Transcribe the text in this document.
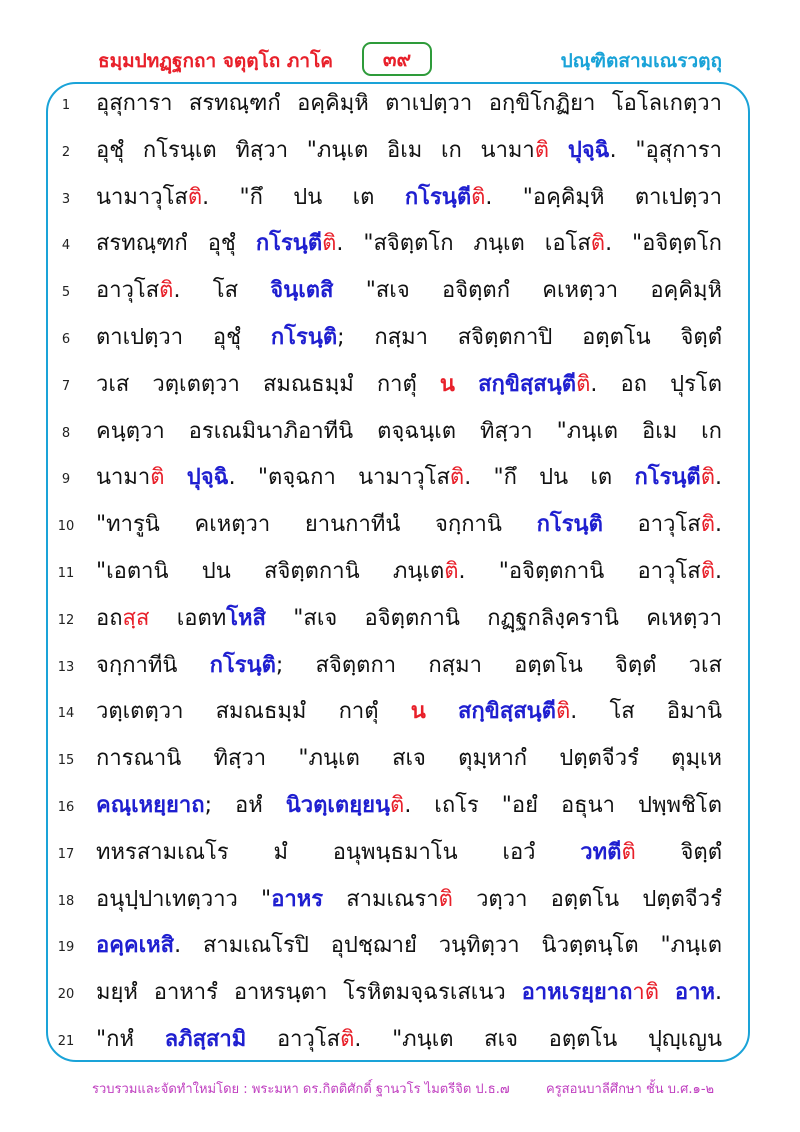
ธมฺมปทฏฺฐกถา จตุตฺโถ ภาโค	๓๙	ปณฺฑิตสามเณรวตฺถุ
1	อุสุการา สรทณฺฑกํ อคฺคิมฺหิ ตาเปตฺวา อกฺขิโกฏิยา โอโลเกตฺวา
2	อุชุํ กโรนฺเต ทิสฺวา "ภนฺเต อิเม เก นามาติ ปุจฺฉิ. "อุสุการา
3	นามาวุโสติ. "กึ ปน เต กโรนฺตีติ. "อคฺคิมฺหิ ตาเปตฺวา
4	สรทณฺฑกํ อุชุํ กโรนฺตีติ. "สจิตฺตโก ภนฺเต เอโสติ. "อจิตฺตโก
5	อาวุโสติ. โส จินฺเตสิ "สเจ อจิตฺตกํ คเหตฺวา อคฺคิมฺหิ
6	ตาเปตฺวา อุชุํ กโรนฺติ; กสฺมา สจิตฺตกาปิ อตฺตโน จิตฺตํ
7	วเส วตฺเตตฺวา สมณธมฺมํ กาตุํ น สกฺขิสฺสนฺตีติ. อถ ปุรโต
8	คนฺตฺวา อรเณมินาภิอาทีนิ ตจฺฉนฺเต ทิสฺวา "ภนฺเต อิเม เก
9	นามาติ ปุจฺฉิ. "ตจฺฉกา นามาวุโสติ. "กึ ปน เต กโรนฺตีติ.
10 "ทารูนิ คเหตฺวา ยานกาทีนํ จกฺกานิ กโรนฺติ อาวุโสติ.
11 "เอตานิ ปน สจิตฺตกานิ ภนฺเตติ. "อจิตฺตกานิ อาวุโสติ.
12 อถสฺส เอตทโหสิ "สเจ อจิตฺตกานิ กฏฺฐกลิงฺครานิ คเหตฺวา
13 จกฺกาทีนิ กโรนฺติ; สจิตฺตกา กสฺมา อตฺตโน จิตฺตํ วเส
14 วตฺเตตฺวา สมณธมฺมํ กาตุํ น สกฺขิสฺสนฺตีติ. โส อิมานิ
15 การณานิ ทิสฺวา "ภนฺเต สเจ ตุมฺหากํ ปตฺตจีวรํ ตุมฺเห
16 คณฺเหยฺยาถ; อหํ นิวตฺเตยฺยนฺติ. เถโร "อยํ อธุนา ปพฺพชิโต
17 ทหรสามเณโร มํ อนุพนฺธมาโน เอวํ วทตีติ จิตฺตํ
18 อนุปฺปาเทตฺวาว "อาหร สามเณราติ วตฺวา อตฺตโน ปตฺตจีวรํ
19 อคฺคเหสิ. สามเณโรปิ อุปชฺฌายํ วนฺทิตฺวา นิวตฺตนฺโต "ภนฺเต
20 มยฺหํ อาหารํ อาหรนฺตา โรหิตมจฺฉรเสเนว อาหเรยฺยาถาติ อาห.
21 "กหํ ลภิสฺสามิ อาวุโสติ. "ภนฺเต สเจ อตฺตโน ปุญฺเญน
รวบรวมและจัดทำใหม่โดย : พระมหา ดร.กิตติศักดิ์ ฐานวโร ไมตรีจิต ป.ธ.๗	ครูสอนบาลีศึกษา ชั้น บ.ศ.๑-๒
